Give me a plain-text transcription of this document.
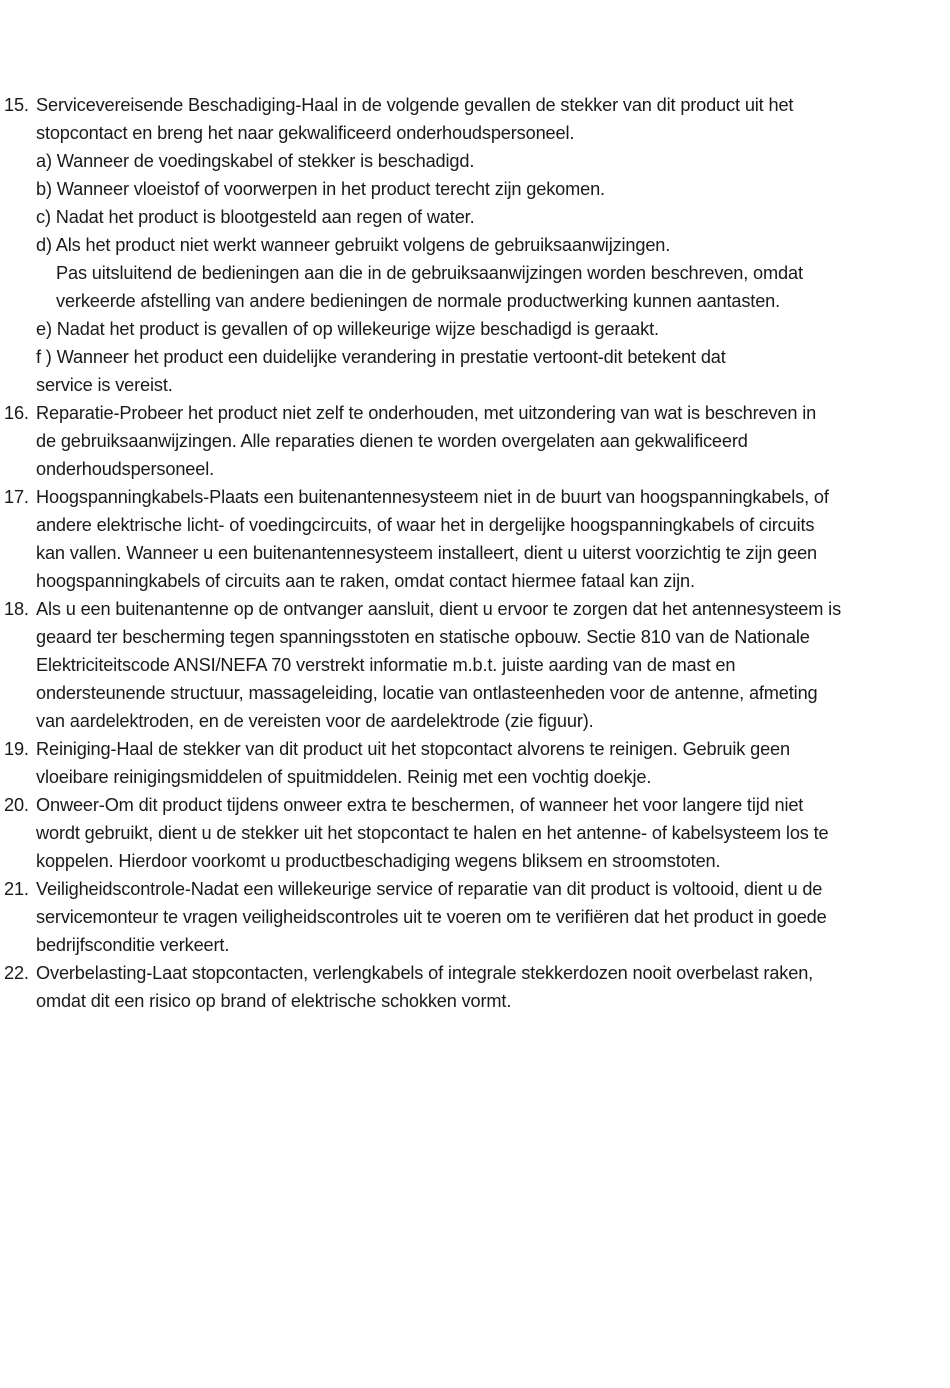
15. Servicevereisende Beschadiging-Haal in de volgende gevallen de stekker van dit product uit het
stopcontact en breng het naar gekwalificeerd onderhoudspersoneel.
a) Wanneer de voedingskabel of stekker is beschadigd.
b) Wanneer vloeistof of voorwerpen in het product terecht zijn gekomen.
c) Nadat het product is blootgesteld aan regen of water.
d) Als het product niet werkt wanneer gebruikt volgens de gebruiksaanwijzingen.
Pas uitsluitend de bedieningen aan die in de gebruiksaanwijzingen worden beschreven, omdat
verkeerde afstelling van andere bedieningen de normale productwerking kunnen aantasten.
e) Nadat het product is gevallen of op willekeurige wijze beschadigd is geraakt.
f ) Wanneer het product een duidelijke verandering in prestatie vertoont-dit betekent dat
service is vereist.
16. Reparatie-Probeer het product niet zelf te onderhouden, met uitzondering van wat is beschreven in
de gebruiksaanwijzingen. Alle reparaties dienen te worden overgelaten aan gekwalificeerd
onderhoudspersoneel.
17. Hoogspanningkabels-Plaats een buitenantennesysteem niet in de buurt van hoogspanningkabels, of
andere elektrische licht- of voedingcircuits, of waar het in dergelijke hoogspanningkabels of circuits
kan vallen. Wanneer u een buitenantennesysteem installeert, dient u uiterst voorzichtig te zijn geen
hoogspanningkabels of circuits aan te raken, omdat contact hiermee fataal kan zijn.
18. Als u een buitenantenne op de ontvanger aansluit, dient u ervoor te zorgen dat het antennesysteem is
geaard ter bescherming tegen spanningsstoten en statische opbouw. Sectie 810 van de Nationale
Elektriciteitscode ANSI/NEFA 70 verstrekt informatie m.b.t. juiste aarding van de mast en
ondersteunende structuur, massageleiding, locatie van ontlasteenheden voor de antenne, afmeting
van aardelektroden, en de vereisten voor de aardelektrode (zie figuur).
19. Reiniging-Haal de stekker van dit product uit het stopcontact alvorens te reinigen. Gebruik geen
vloeibare reinigingsmiddelen of spuitmiddelen. Reinig met een vochtig doekje.
20. Onweer-Om dit product tijdens onweer extra te beschermen, of wanneer het voor langere tijd niet
wordt gebruikt, dient u de stekker uit het stopcontact te halen en het antenne- of kabelsysteem los te
koppelen. Hierdoor voorkomt u productbeschadiging wegens bliksem en stroomstoten.
21. Veiligheidscontrole-Nadat een willekeurige service of reparatie van dit product is voltooid, dient u de
servicemonteur te vragen veiligheidscontroles uit te voeren om te verifiëren dat het product in goede
bedrijfsconditie verkeert.
22. Overbelasting-Laat stopcontacten, verlengkabels of integrale stekkerdozen nooit overbelast raken,
omdat dit een risico op brand of elektrische schokken vormt.
